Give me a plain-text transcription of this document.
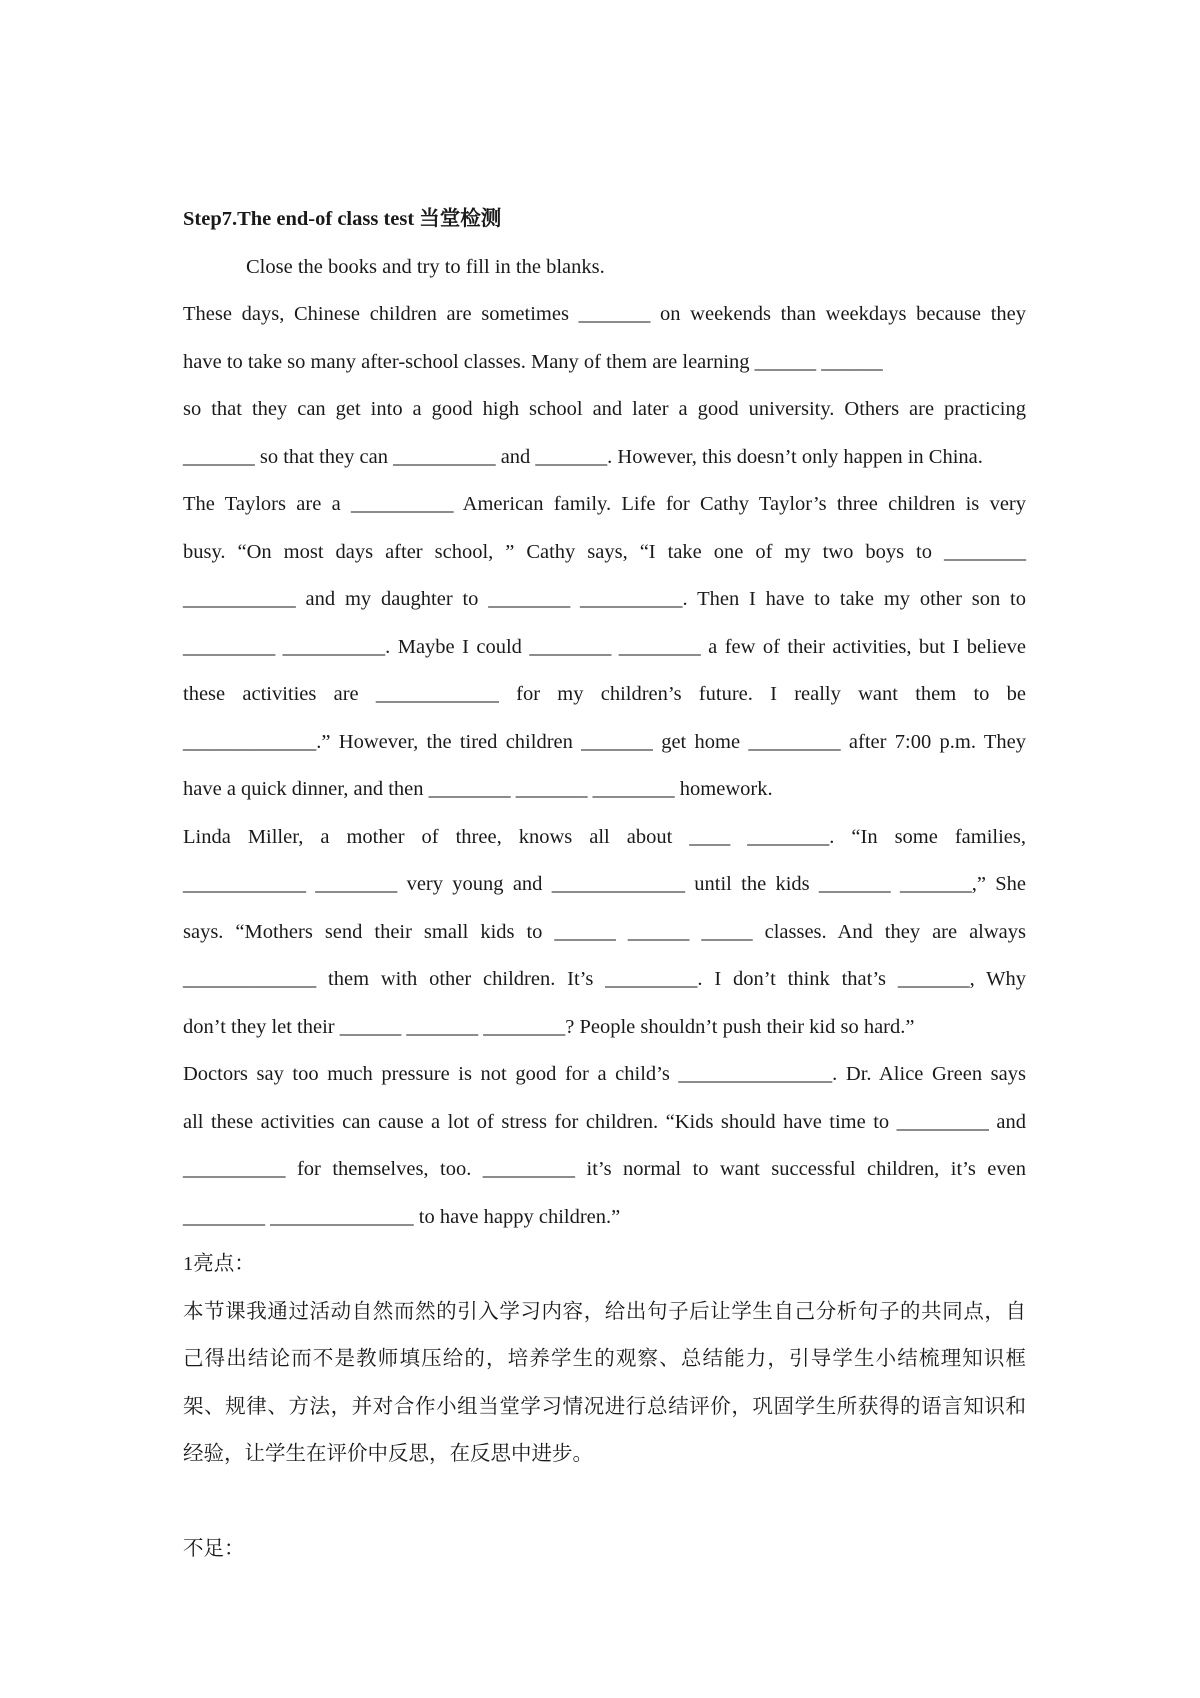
Step7.The end-of class test 当堂检测
Close the books and try to fill in the blanks.
These days, Chinese children are sometimes _______ on weekends than weekdays because they
have to take so many after-school classes. Many of them are learning ______ ______
so that they can get into a good high school and later a good university. Others are practicing
_______ so that they can __________ and _______. However, this doesn’t only happen in China.
The Taylors are a __________ American family. Life for Cathy Taylor’s three children is very
busy. “On most days after school, ” Cathy says, “I take one of my two boys to ________
___________ and my daughter to ________ __________. Then I have to take my other son to
_________ __________. Maybe I could ________ ________ a few of their activities, but I believe
these activities are ____________ for my children’s future. I really want them to be
_____________.” However, the tired children _______ get home _________ after 7:00 p.m. They
have a quick dinner, and then ________ _______ ________ homework.
Linda Miller, a mother of three, knows all about ____ ________. “In some families,
____________ ________ very young and _____________ until the kids _______ _______,” She
says. “Mothers send their small kids to ______ ______ _____ classes. And they are always
_____________ them with other children. It’s _________. I don’t think that’s _______, Why
don’t they let their ______ _______ ________? People shouldn’t push their kid so hard.”
Doctors say too much pressure is not good for a child’s _______________. Dr. Alice Green says
all these activities can cause a lot of stress for children. “Kids should have time to _________ and
__________ for themselves, too. _________ it’s normal to want successful children, it’s even
________ ______________ to have happy children.”
1亮点：
本节课我通过活动自然而然的引入学习内容，给出句子后让学生自己分析句子的共同点，自
己得出结论而不是教师填压给的，培养学生的观察、总结能力，引导学生小结梳理知识框
架、规律、方法，并对合作小组当堂学习情况进行总结评价，巩固学生所获得的语言知识和
经验，让学生在评价中反思，在反思中进步。
不足：
